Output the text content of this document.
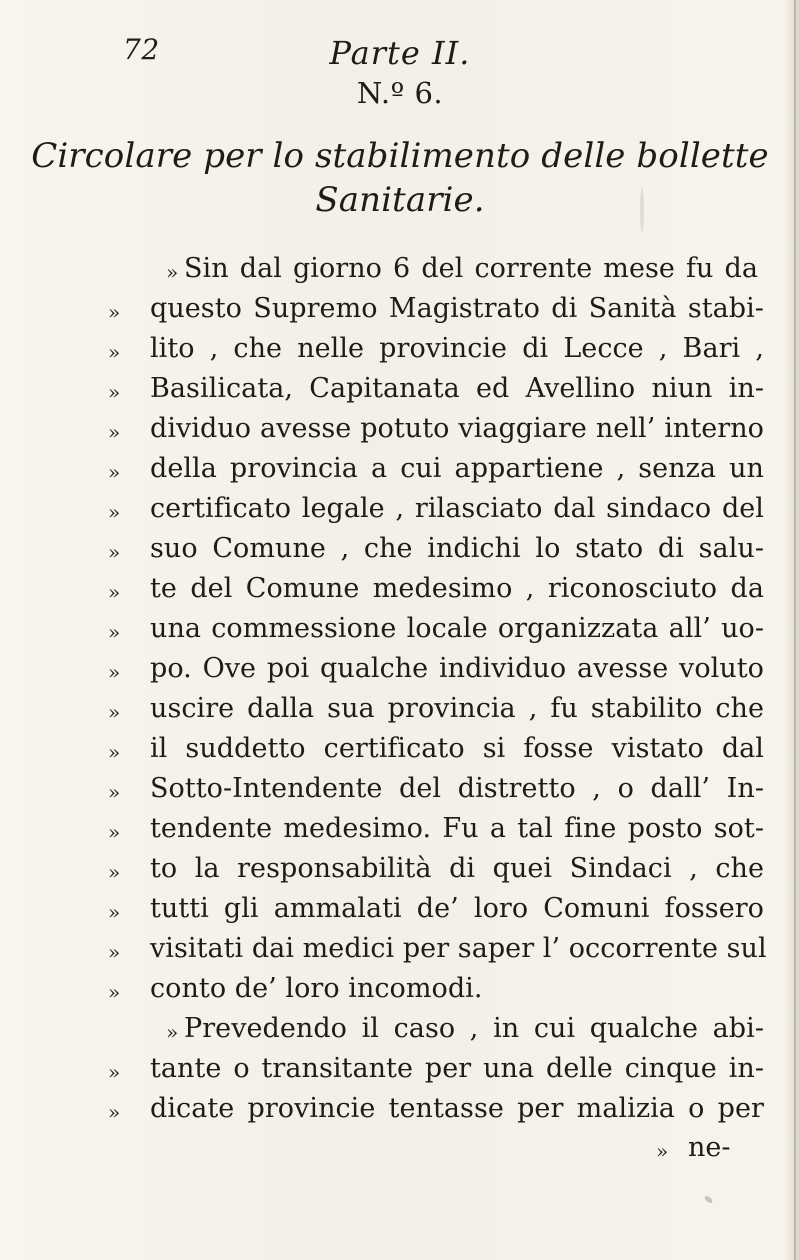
72	Parte II.
N.º 6.
Circolare per lo stabilimento delle bollette
Sanitarie.
» Sin dal giorno 6 del corrente mese fu da
» questo Supremo Magistrato di Sanità stabi-
» lito , che nelle provincie di Lecce , Bari ,
» Basilicata, Capitanata ed Avellino niun in-
» dividuo avesse potuto viaggiare nell’ interno
» della provincia a cui appartiene , senza un
» certificato legale , rilasciato dal sindaco del
» suo Comune , che indichi lo stato di salu-
» te del Comune medesimo , riconosciuto da
» una commessione locale organizzata all’ uo-
» po. Ove poi qualche individuo avesse voluto
» uscire dalla sua provincia , fu stabilito che
» il suddetto certificato si fosse vistato dal
» Sotto-Intendente del distretto , o dall’ In-
» tendente medesimo. Fu a tal fine posto sot-
» to la responsabilità di quei Sindaci , che
» tutti gli ammalati de’ loro Comuni fossero
» visitati dai medici per saper l’ occorrente sul
» conto de’ loro incomodi.
» Prevedendo il caso , in cui qualche abi-
» tante o transitante per una delle cinque in-
» dicate provincie tentasse per malizia o per
» ne-
